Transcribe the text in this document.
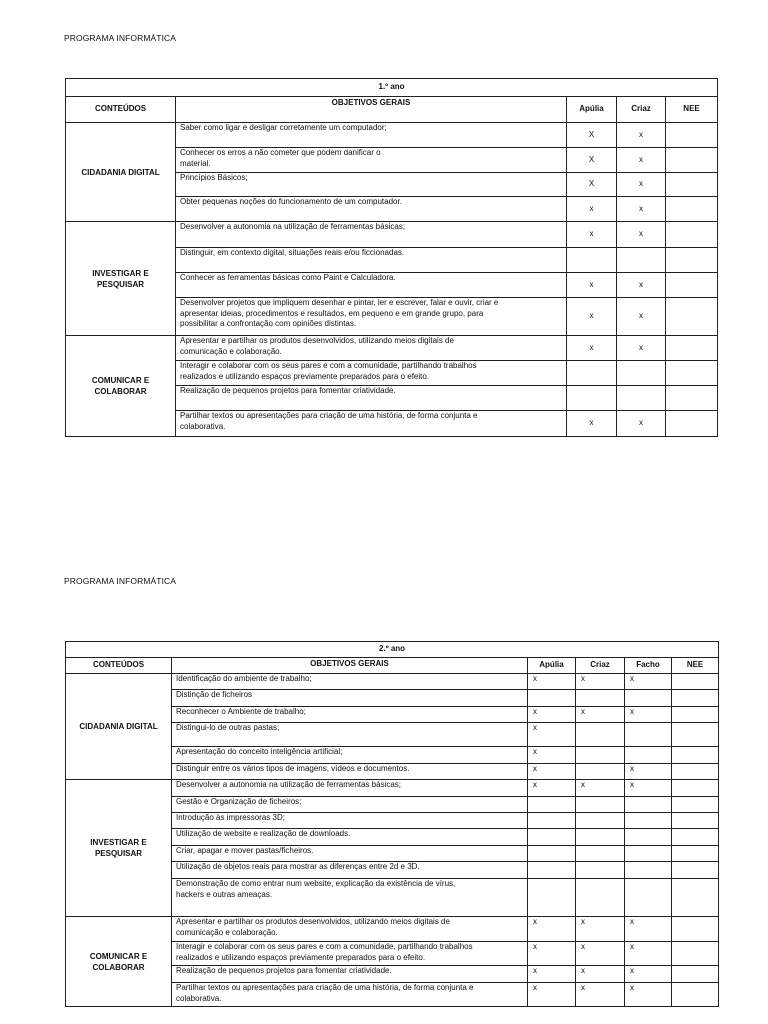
PROGRAMA INFORMÁTICA
1.º ano				
CONTEÚDOS	OBJETIVOS GERAIS	Apúlia	Criaz	NEE
CIDADANIA DIGITAL	Saber como ligar e desligar corretamente um computador;	X	x	
	Conhecer os erros a não cometer que podem danificar o
material.	X	x	
	Princípios Básicos;	X	x	
	Obter pequenas noções do funcionamento de um computador.	x	x	
INVESTIGAR E
PESQUISAR	Desenvolver a autonomia na utilização de ferramentas básicas;	x	x	
	Distinguir, em contexto digital, situações reais e/ou ficcionadas.			
	Conhecer as ferramentas básicas como Paint e Calculadora.	x	x	
	Desenvolver projetos que impliquem desenhar e pintar, ler e escrever, falar e ouvir, criar e
apresentar ideias, procedimentos e resultados, em pequeno e em grande grupo, para
possibilitar a confrontação com opiniões distintas.	x	x	
COMUNICAR E
COLABORAR	Apresentar e partilhar os produtos desenvolvidos, utilizando meios digitais de
comunicação e colaboração.	x	x	
	Interagir e colaborar com os seus pares e com a comunidade, partilhando trabalhos
realizados e utilizando espaços previamente preparados para o efeito.			
	Realização de pequenos projetos para fomentar criatividade.			
	Partilhar textos ou apresentações para criação de uma história, de forma conjunta e
colaborativa.	x	x	
PROGRAMA INFORMÁTICA
2.º ano					
CONTEÚDOS	OBJETIVOS GERAIS	Apúlia	Criaz	Facho	NEE
CIDADANIA DIGITAL	Identificação do ambiente de trabalho;	x	x	x	
	Distinção de ficheiros				
	Reconhecer o Ambiente de trabalho;	x	x	x	
	Distingui-lo de outras pastas;	x			
	Apresentação do conceito inteligência artificial;	x			
	Distinguir entre os vários tipos de imagens, vídeos e documentos.	x		x	
INVESTIGAR E
PESQUISAR	Desenvolver a autonomia na utilização de ferramentas básicas;	x	x	x	
	Gestão e Organização de ficheiros;				
	Introdução às impressoras 3D;				
	Utilização de website e realização de downloads.				
	Criar, apagar e mover pastas/ficheiros.				
	Utilização de objetos reais para mostrar as diferenças entre 2d e 3D.				
	Demonstração de como entrar num website, explicação da existência de vírus,
hackers e outras ameaças.				
COMUNICAR E
COLABORAR	Apresentar e partilhar os produtos desenvolvidos, utilizando meios digitais de
comunicação e colaboração.	x	x	x	
	Interagir e colaborar com os seus pares e com a comunidade, partilhando trabalhos
realizados e utilizando espaços previamente preparados para o efeito.	x	x	x	
	Realização de pequenos projetos para fomentar criatividade.	x	x	x	
	Partilhar textos ou apresentações para criação de uma história, de forma conjunta e
colaborativa.	x	x	x	
